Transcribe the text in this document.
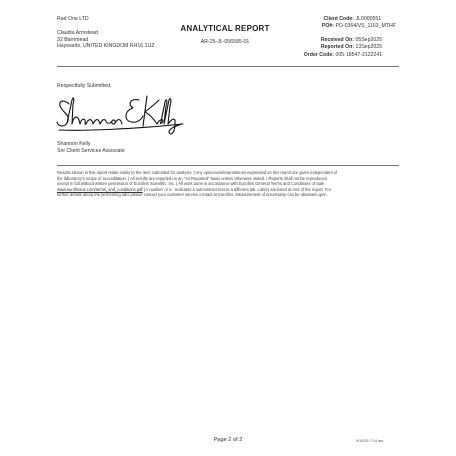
Rad One LTD
Claudia Armstead
32 Barnmead
Haywards, UNITED KINGDOM RH16 1UZ
ANALYTICAL REPORT
AR-25-JL-056585-01
Client Code: JL0000551
PO#: PO-0364/VS_1163_MTHF
Received On: 05Sep2025
Reported On: 13Sep2025
Order Code: 005-18547-2122241
Respectfully Submitted,
Shannon Kelly
Snr Client Services Associate
Results shown in this report relate solely to the item submitted for analysis. | Any opinions/interpretations expressed on this report are given independent of
the laboratory's scope of accreditation. | All results are reported on an "As Reported" basis unless otherwise stated. | Reports shall not be reproduced
except in full without written permission of Eurofins Scientific, Inc. | All work done in accordance with Eurofins General Terms and Conditions of Sale
www.eurofinsus.com/terms_and_conditions.pdf | A number or a · Indicates a subcontract test to a different lab. Lab(s) are listed at end of the report. For
further details about the performing labs please contact your customer service contact at Eurofins. Measurement of uncertainty can be obtained upon
Page 2 of 2	9/15/25 7:14 am
